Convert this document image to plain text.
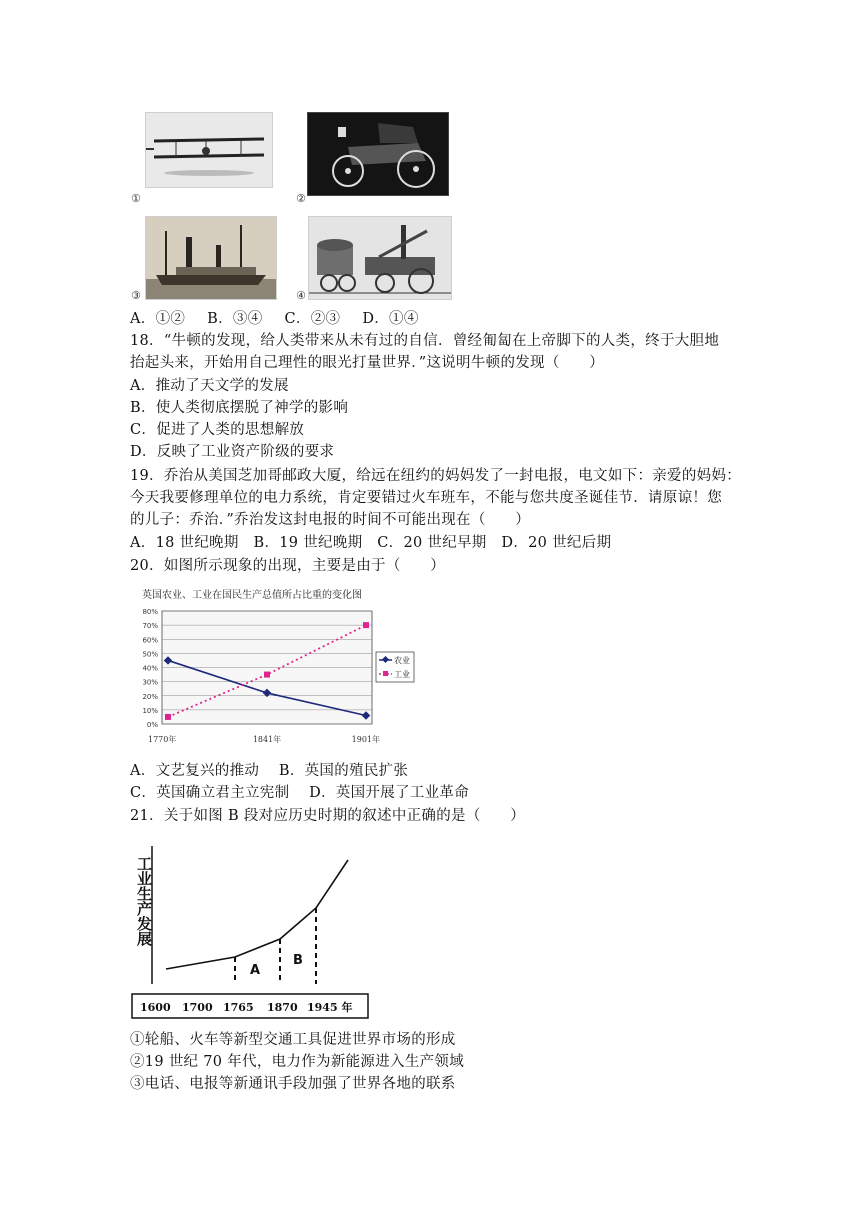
①	②
③	④
A．①② B．③④ C．②③ D．①④
18．“牛顿的发现，给人类带来从未有过的自信．曾经匍匐在上帝脚下的人类，终于大胆地
抬起头来，开始用自己理性的眼光打量世界．”这说明牛顿的发现（　　）
A．推动了天文学的发展
B．使人类彻底摆脱了神学的影响
C．促进了人类的思想解放
D．反映了工业资产阶级的要求
19．乔治从美国芝加哥邮政大厦，给远在纽约的妈妈发了一封电报，电文如下：亲爱的妈妈：
今天我要修理单位的电力系统，肯定要错过火车班车，不能与您共度圣诞佳节．请原谅！您
的儿子：乔治．”乔治发这封电报的时间不可能出现在（　　）
A．18 世纪晚期　B．19 世纪晚期　C．20 世纪早期　D．20 世纪后期
20．如图所示现象的出现，主要是由于（　　）
英国农业、工业在国民生产总值所占比重的变化图
0%
10%
20%
30%
40%
50%
60%
70%
80%
1770年	1841年	1901年
农业
工业
A．文艺复兴的推动　 B．英国的殖民扩张
C．英国确立君主立宪制　 D．英国开展了工业革命
21．关于如图 B 段对应历史时期的叙述中正确的是（　　）
工业生产发展
A
B
1600 1700 1765 1870 1945 年
①轮船、火车等新型交通工具促进世界市场的形成
②19 世纪 70 年代，电力作为新能源进入生产领域
③电话、电报等新通讯手段加强了世界各地的联系
